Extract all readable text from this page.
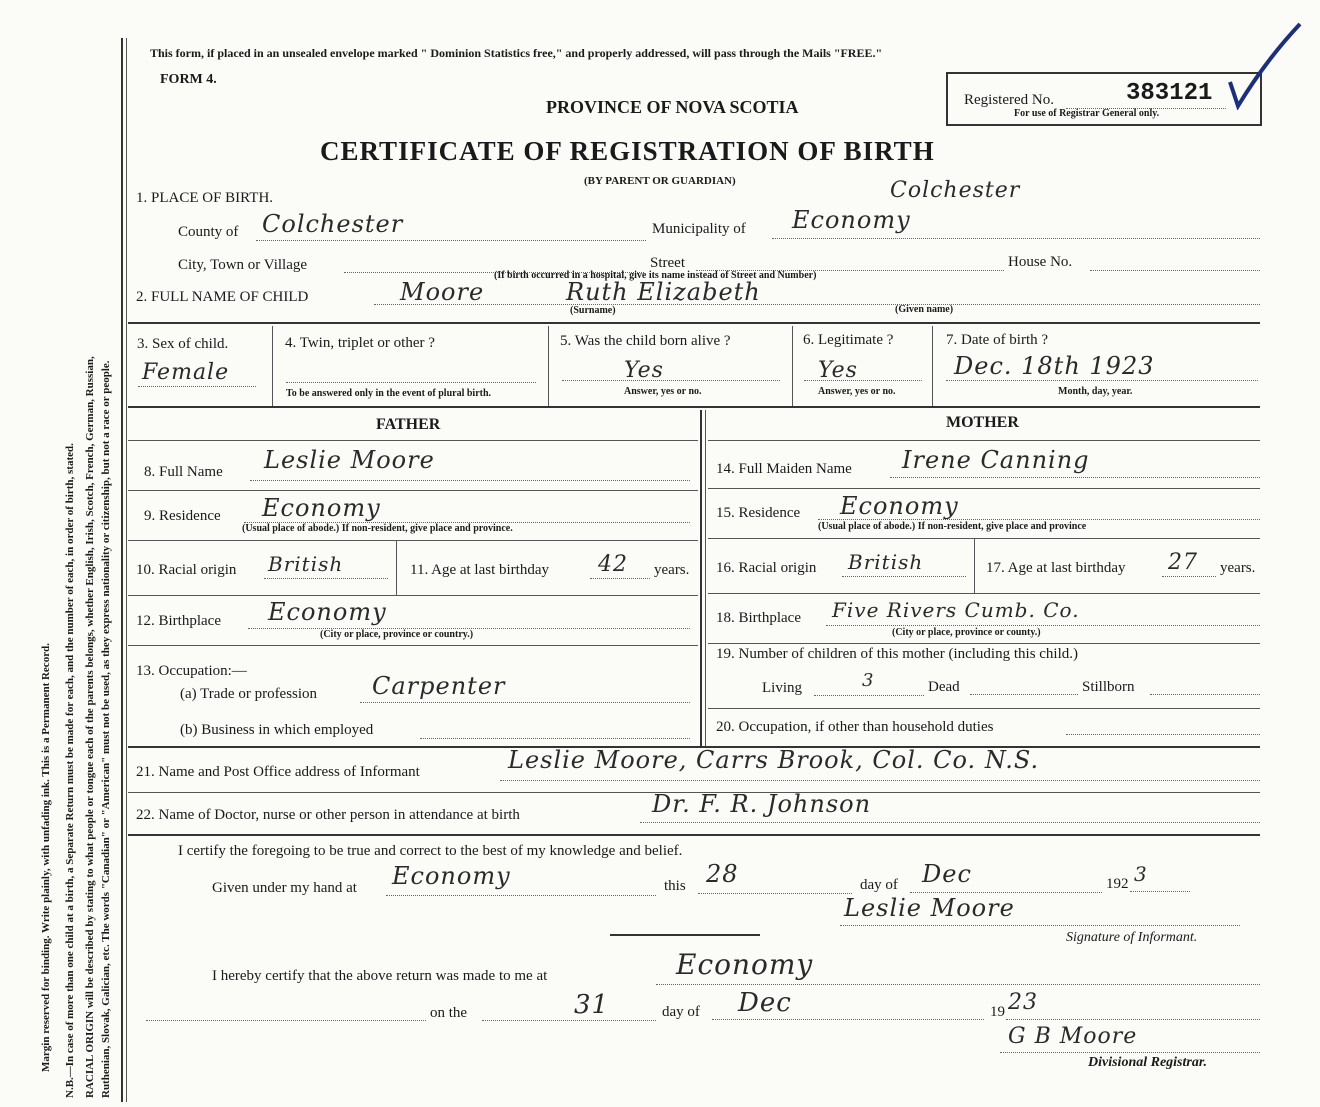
Ruthenian, Slovak, Galician, etc. The words "Canadian" or "American" must not be used, as they express nationality or citizenship, but not a race or people.
RACIAL ORIGIN will be described by stating to what people or tongue each of the parents belongs, whether English, Irish, Scotch, French, German, Russian,
N.B.—In case of more than one child at a birth, a Separate Return must be made for each, and the number of each, in order of birth, stated.
Margin reserved for binding. Write plainly, with unfading ink. This is a Permanent Record.
This form, if placed in an unsealed envelope marked " Dominion Statistics free," and properly addressed, will pass through the Mails "FREE."
FORM 4.
PROVINCE OF NOVA SCOTIA
CERTIFICATE OF REGISTRATION OF BIRTH
(BY PARENT OR GUARDIAN)
Registered No.	383121
For use of Registrar General only.
1. PLACE OF BIRTH.	Colchester
County of Colchester	Municipality of Economy
City, Town or Village	Street	House No.
(If birth occurred in a hospital, give its name instead of Street and Number)
2. FULL NAME OF CHILD	Moore	Ruth Elizabeth
(Surname)	(Given name)
3. Sex of child.
Female
4. Twin, triplet or other ?
To be answered only in the event of plural birth.
5. Was the child born alive ?
Yes
Answer, yes or no.
6. Legitimate ?
Yes
Answer, yes or no.
7. Date of birth ?
Dec. 18th 1923
Month, day, year.
FATHER	MOTHER
8. Full Name Leslie Moore	14. Full Maiden Name Irene Canning
9. Residence Economy
(Usual place of abode.) If non-resident, give place and province.
15. Residence Economy
(Usual place of abode.) If non-resident, give place and province
10. Racial origin British	11. Age at last birthday 42 years. 16. Racial origin British	17. Age at last birthday 27 years.
12. Birthplace Economy
(City or place, province or country.)
18. Birthplace Five Rivers Cumb. Co.
(City or place, province or county.)
13. Occupation:—
(a) Trade or profession Carpenter
(b) Business in which employed
19. Number of children of this mother (including this child.)
Living	3	Dead	Stillborn
20. Occupation, if other than household duties
21. Name and Post Office address of Informant	Leslie Moore, Carrs Brook, Col. Co. N.S.
22. Name of Doctor, nurse or other person in attendance at birth	Dr. F. R. Johnson
I certify the foregoing to be true and correct to the best of my knowledge and belief.
Given under my hand at Economy	this 28	day of Dec	192 3
Leslie Moore
Signature of Informant.
I hereby certify that the above return was made to me at	Economy
on the	31	day of Dec	19 23
G B Moore
Divisional Registrar.
